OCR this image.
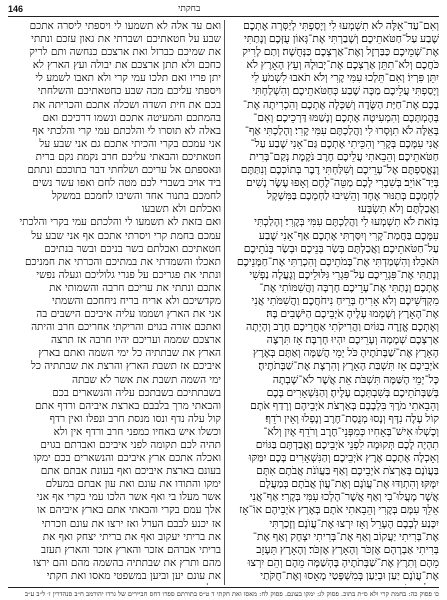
146	בחקתי

וְאִם־עַד־אֵלֶּה לֹא תִשְׁמְעוּ לִי וְיָסַפְתִּי לְיַסְּרָה אֶתְכֶם

שֶׁבַע עַל־חַטֹּאתֵיכֶם׃ וְשָׁבַרְתִּי אֶת־גְּאוֹן עֻזְּכֶם וְנָתַתִּי

אֶת־שְׁמֵיכֶם כַּבַּרְזֶל וְאֶת־אַרְצְכֶם כַּנְּחֻשָׁה׃ וְתַם לָרִיק

כֹּחֲכֶם וְלֹא־תִתֵּן אַרְצְכֶם אֶת־יְבוּלָהּ וְעֵץ הָאָרֶץ לֹא

יִתֵּן פִּרְיוֹ׃ וְאִם־תֵּלְכוּ עִמִּי קֶרִי וְלֹא תֹאבוּ לִשְׁמֹעַ לִי

וְיָסַפְתִּי עֲלֵיכֶם מַכָּה שֶׁבַע כְּחַטֹּאתֵיכֶם׃ וְהִשְׁלַחְתִּי

בָכֶם אֶת־חַיַּת הַשָּׂדֶה וְשִׁכְּלָה אֶתְכֶם וְהִכְרִיתָה אֶת־

בְּהֶמְתְּכֶם וְהִמְעִיטָה אֶתְכֶם וְנָשַׁמּוּ דַּרְכֵיכֶם׃ וְאִם־

בְּאֵלֶּה לֹא תִוָּסְרוּ לִי וַהֲלַכְתֶּם עִמִּי קֶרִי׃ וְהָלַכְתִּי אַף־

אֲנִי עִמָּכֶם בְּקֶרִי וְהִכֵּיתִי אֶתְכֶם גַּם־אָנִי שֶׁבַע עַל־

חַטֹּאתֵיכֶם׃ וְהֵבֵאתִי עֲלֵיכֶם חֶרֶב נֹקֶמֶת נְקַם־בְּרִית

וְנֶאֱסַפְתֶּם אֶל־עָרֵיכֶם וְשִׁלַּחְתִּי דֶבֶר בְּתוֹכְכֶם וְנִתַּתֶּם

בְּיַד־אוֹיֵב׃ בְּשִׁבְרִי לָכֶם מַטֵּה־לֶחֶם וְאָפוּ עֶשֶׂר נָשִׁים

לַחְמְכֶם בְּתַנּוּר אֶחָד וְהֵשִׁיבוּ לַחְמְכֶם בַּמִּשְׁקָל

וַאֲכַלְתֶּם וְלֹא תִשְׂבָּעוּ׃

בְּזֹאת לֹא תִשְׁמְעוּ לִי וַהֲלַכְתֶּם עִמִּי בְּקֶרִי׃ וְהָלַכְתִּי

עִמָּכֶם בַּחֲמַת־קֶרִי וְיִסַּרְתִּי אֶתְכֶם אַף־אָנִי שֶׁבַע

עַל־חַטֹּאתֵיכֶם׃ וַאֲכַלְתֶּם בְּשַׂר בְּנֵיכֶם וּבְשַׂר בְּנֹתֵיכֶם

תֹּאכֵלוּ׃ וְהִשְׁמַדְתִּי אֶת־בָּמֹתֵיכֶם וְהִכְרַתִּי אֶת־חַמָּנֵיכֶם

וְנָתַתִּי אֶת־פִּגְרֵיכֶם עַל־פִּגְרֵי גִּלּוּלֵיכֶם וְגָעֲלָה נַפְשִׁי

אֶתְכֶם׃ וְנָתַתִּי אֶת־עָרֵיכֶם חָרְבָּה וַהֲשִׁמּוֹתִי אֶת־

מִקְדְּשֵׁיכֶם וְלֹא אָרִיחַ בְּרֵיחַ נִיחֹחֲכֶם׃ וַהֲשִׁמֹּתִי אֲנִי

אֶת־הָאָרֶץ וְשָׁמְמוּ עָלֶיהָ אֹיְבֵיכֶם הַיֹּשְׁבִים בָּהּ׃

וְאֶתְכֶם אֱזָרֶה בַגּוֹיִם וַהֲרִיקֹתִי אַחֲרֵיכֶם חָרֶב וְהָיְתָה

אַרְצְכֶם שְׁמָמָה וְעָרֵיכֶם יִהְיוּ חָרְבָּה׃ אָז תִּרְצֶה

הָאָרֶץ אֶת־שַׁבְּתֹתֶיהָ כֹּל יְמֵי הֳשַׁמָּה וְאַתֶּם בְּאֶרֶץ

אֹיְבֵיכֶם אָז תִּשְׁבַּת הָאָרֶץ וְהִרְצָת אֶת־שַׁבְּתֹתֶיהָ׃

כָּל־יְמֵי הָשַּׁמָּה תִּשְׁבֹּת אֵת אֲשֶׁר לֹא־שָׁבְתָה

בְּשַׁבְּתֹתֵיכֶם בְּשִׁבְתְּכֶם עָלֶיהָ׃ וְהַנִּשְׁאָרִים בָּכֶם

וְהֵבֵאתִי מֹרֶךְ בִּלְבָבָם בְּאַרְצֹת אֹיְבֵיהֶם וְרָדַף אֹתָם

קוֹל עָלֶה נִדָּף וְנָסוּ מְנֻסַת־חֶרֶב וְנָפְלוּ וְאֵין רֹדֵף׃

וְכָשְׁלוּ אִישׁ־בְּאָחִיו כְּמִפְּנֵי־חֶרֶב וְרֹדֵף אָיִן וְלֹא־

תִהְיֶה לָכֶם תְּקוּמָה לִפְנֵי אֹיְבֵיכֶם׃ וַאֲבַדְתֶּם בַּגּוֹיִם

וְאָכְלָה אֶתְכֶם אֶרֶץ אֹיְבֵיכֶם׃ וְהַנִּשְׁאָרִים בָּכֶם יִמַּקּוּ

בַּעֲוֺנָם בְּאַרְצֹת אֹיְבֵיכֶם וְאַף בַּעֲוֺנֹת אֲבֹתָם אִתָּם

יִמָּקּוּ׃ וְהִתְוַדּוּ אֶת־עֲוֺנָם וְאֶת־עֲוֺן אֲבֹתָם בְּמַעֲלָם

אֲשֶׁר מָעֲלוּ־בִי וְאַף אֲשֶׁר־הָלְכוּ עִמִּי בְּקֶרִי׃ אַף־אֲנִי

אֵלֵךְ עִמָּם בְּקֶרִי וְהֵבֵאתִי אֹתָם בְּאֶרֶץ אֹיְבֵיהֶם אוֹ־אָז

יִכָּנַע לְבָבָם הֶעָרֵל וְאָז יִרְצוּ אֶת־עֲוֺנָם׃ וְזָכַרְתִּי

אֶת־בְּרִיתִי יַעֲקוֹב וְאַף אֶת־בְּרִיתִי יִצְחָק וְאַף אֶת־

בְּרִיתִי אַבְרָהָם אֶזְכֹּר וְהָאָרֶץ אֶזְכֹּר׃ וְהָאָרֶץ תֵּעָזֵב

מֵהֶם וְתִרֶץ אֶת־שַׁבְּתֹתֶיהָ בָּהְשַׁמָּה מֵהֶם וְהֵם יִרְצוּ

אֶת־עֲוֺנָם יַעַן וּבְיַעַן בְּמִשְׁפָּטַי מָאָסוּ וְאֶת־חֻקֹּתַי

ואם עד אלה לא תשמעו לי ויספתי ליסרה אתכם

שבע על חטאתיכם ושברתי את גאון עזכם ונתתי

את שמיכם כברזל ואת ארצכם כנחשה ותם לריק

כחכם ולא תתן ארצכם את יבולה ועץ הארץ לא

יתן פריו ואם תלכו עמי קרי ולא תאבו לשמע לי

ויספתי עליכם מכה שבע כחטאתיכם והשלחתי

בכם את חית השדה ושכלה אתכם והכריתה את

בהמתכם והמעיטה אתכם ונשמו דרכיכם ואם

באלה לא תוסרו לי והלכתם עמי קרי והלכתי אף

אני עמכם בקרי והכיתי אתכם גם אני שבע על

חטאתיכם והבאתי עליכם חרב נקמת נקם ברית

ונאספתם אל עריכם ושלחתי דבר בתוככם ונתתם

ביד אויב בשברי לכם מטה לחם ואפו עשר נשים

לחמכם בתנור אחד והשיבו לחמכם במשקל

ואכלתם ולא תשבעו

ואם בזאת לא תשמעו לי והלכתם עמי בקרי והלכתי

עמכם בחמת קרי ויסרתי אתכם אף אני שבע על

חטאתיכם ואכלתם בשר בניכם ובשר בנתיכם

תאכלו והשמדתי את במתיכם והכרתי את חמניכם

ונתתי את פגריכם על פגרי גלוליכם וגעלה נפשי

אתכם ונתתי את עריכם חרבה והשמותי את

מקדשיכם ולא אריח בריח ניחחכם והשמתי

אני את הארץ ושממו עליה איביכם הישבים בה

ואתכם אזרה בגוים והריקתי אחריכם חרב והיתה

ארצכם שממה ועריכם יהיו חרבה אז תרצה

הארץ את שבתתיה כל ימי השמה ואתם בארץ

איביכם אז תשבת הארץ והרצת את שבתתיה כל

ימי השמה תשבת את אשר לא שבתה

בשבתתיכם בשבתכם עליה והנשארים בכם

והבאתי מרך בלבבם בארצת איביהם ורדף אתם

קול עלה נדף ונסו מנסת חרב ונפלו ואין רדף

וכשלו איש באחיו כמפני חרב ורדף אין ולא

תהיה לכם תקומה לפני איביכם ואבדתם בגוים

ואכלה אתכם ארץ איביכם והנשארים בכם ימקו

בעונם בארצת איביכם ואף בעונת אבתם אתם

ימקו והתודו את עונם ואת עון אבתם במעלם

אשר מעלו בי ואף אשר הלכו עמי בקרי אף אני

אלך עמם בקרי והבאתי אתם בארץ איביהם או

אז יכנע לבבם הערל ואז ירצו את עונם וזכרתי

את בריתי יעקוב ואף את בריתי יצחק ואף את

בריתי אברהם אזכר והארץ אזכר והארץ תעזב

מהם ותרץ את שבתתיה בהשמה מהם והם ירצו

את עונם יען וביען במשפטי מאסו ואת חקתי

כו פסוק כה: בחמת קרי ולא ס״ת בתוכ. פסוק לג: ימקו בעונם. פסוק לח: מאסו ואת חקתי ד ט״ס בתורתם ספרו דחס חביירים של גרדו יהורמב ח״ב סנהדרין ז׳ ל״ב ע״ב
